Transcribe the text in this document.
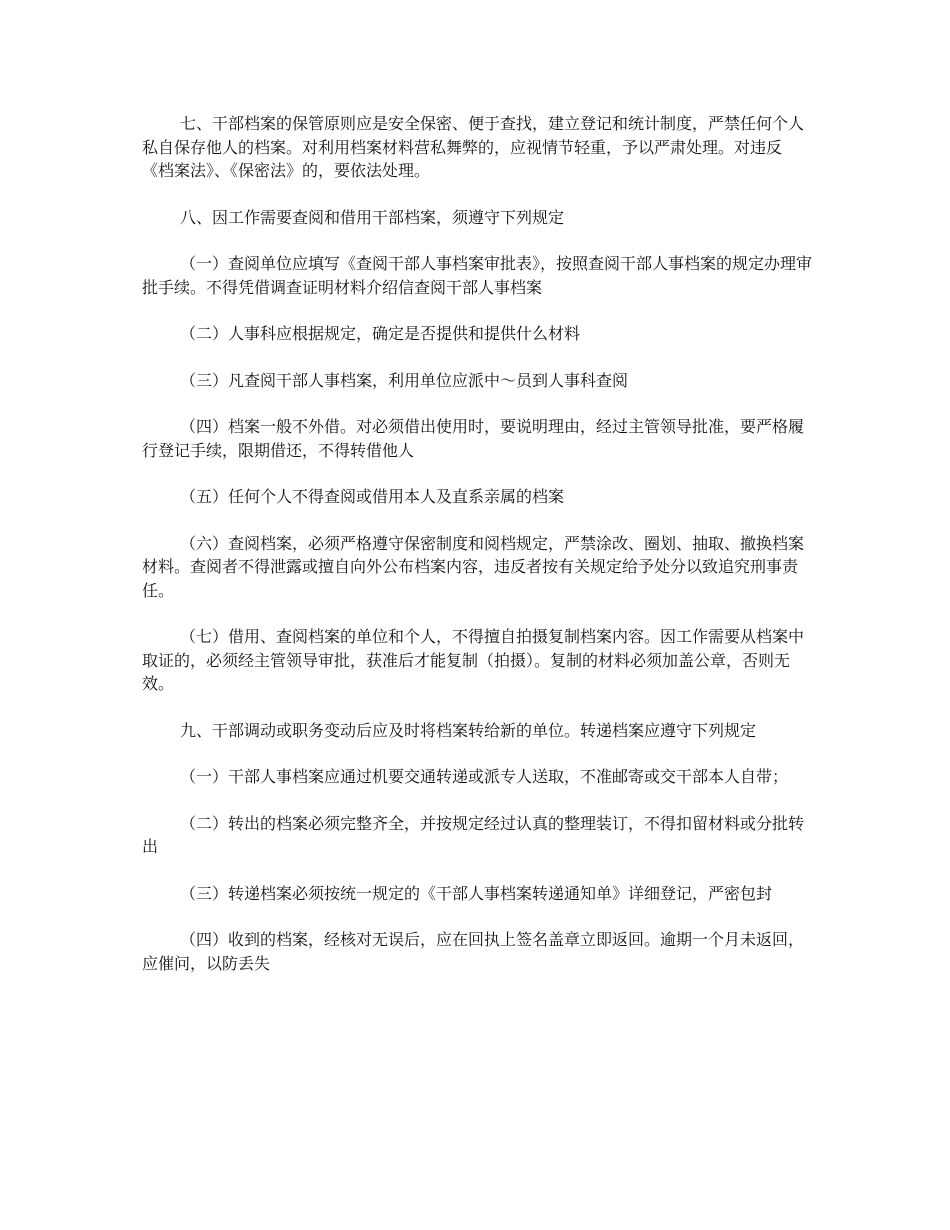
七、干部档案的保管原则应是安全保密、便于查找，建立登记和统计制度，严禁任何个人私自保存他人的档案。对利用档案材料营私舞弊的，应视情节轻重，予以严肃处理。对违反《档案法》、《保密法》的，要依法处理。

八、因工作需要查阅和借用干部档案，须遵守下列规定

（一）查阅单位应填写《查阅干部人事档案审批表》，按照查阅干部人事档案的规定办理审批手续。不得凭借调查证明材料介绍信查阅干部人事档案

（二）人事科应根据规定，确定是否提供和提供什么材料

（三）凡查阅干部人事档案，利用单位应派中～员到人事科查阅

（四）档案一般不外借。对必须借出使用时，要说明理由，经过主管领导批准，要严格履行登记手续，限期借还，不得转借他人

（五）任何个人不得查阅或借用本人及直系亲属的档案

（六）查阅档案，必须严格遵守保密制度和阅档规定，严禁涂改、圈划、抽取、撤换档案材料。查阅者不得泄露或擅自向外公布档案内容，违反者按有关规定给予处分以致追究刑事责任。

（七）借用、查阅档案的单位和个人，不得擅自拍摄复制档案内容。因工作需要从档案中取证的，必须经主管领导审批，获准后才能复制（拍摄）。复制的材料必须加盖公章，否则无效。

九、干部调动或职务变动后应及时将档案转给新的单位。转递档案应遵守下列规定

（一）干部人事档案应通过机要交通转递或派专人送取，不准邮寄或交干部本人自带；

（二）转出的档案必须完整齐全，并按规定经过认真的整理装订，不得扣留材料或分批转出

（三）转递档案必须按统一规定的《干部人事档案转递通知单》详细登记，严密包封

（四）收到的档案，经核对无误后，应在回执上签名盖章立即返回。逾期一个月未返回，应催问，以防丢失
